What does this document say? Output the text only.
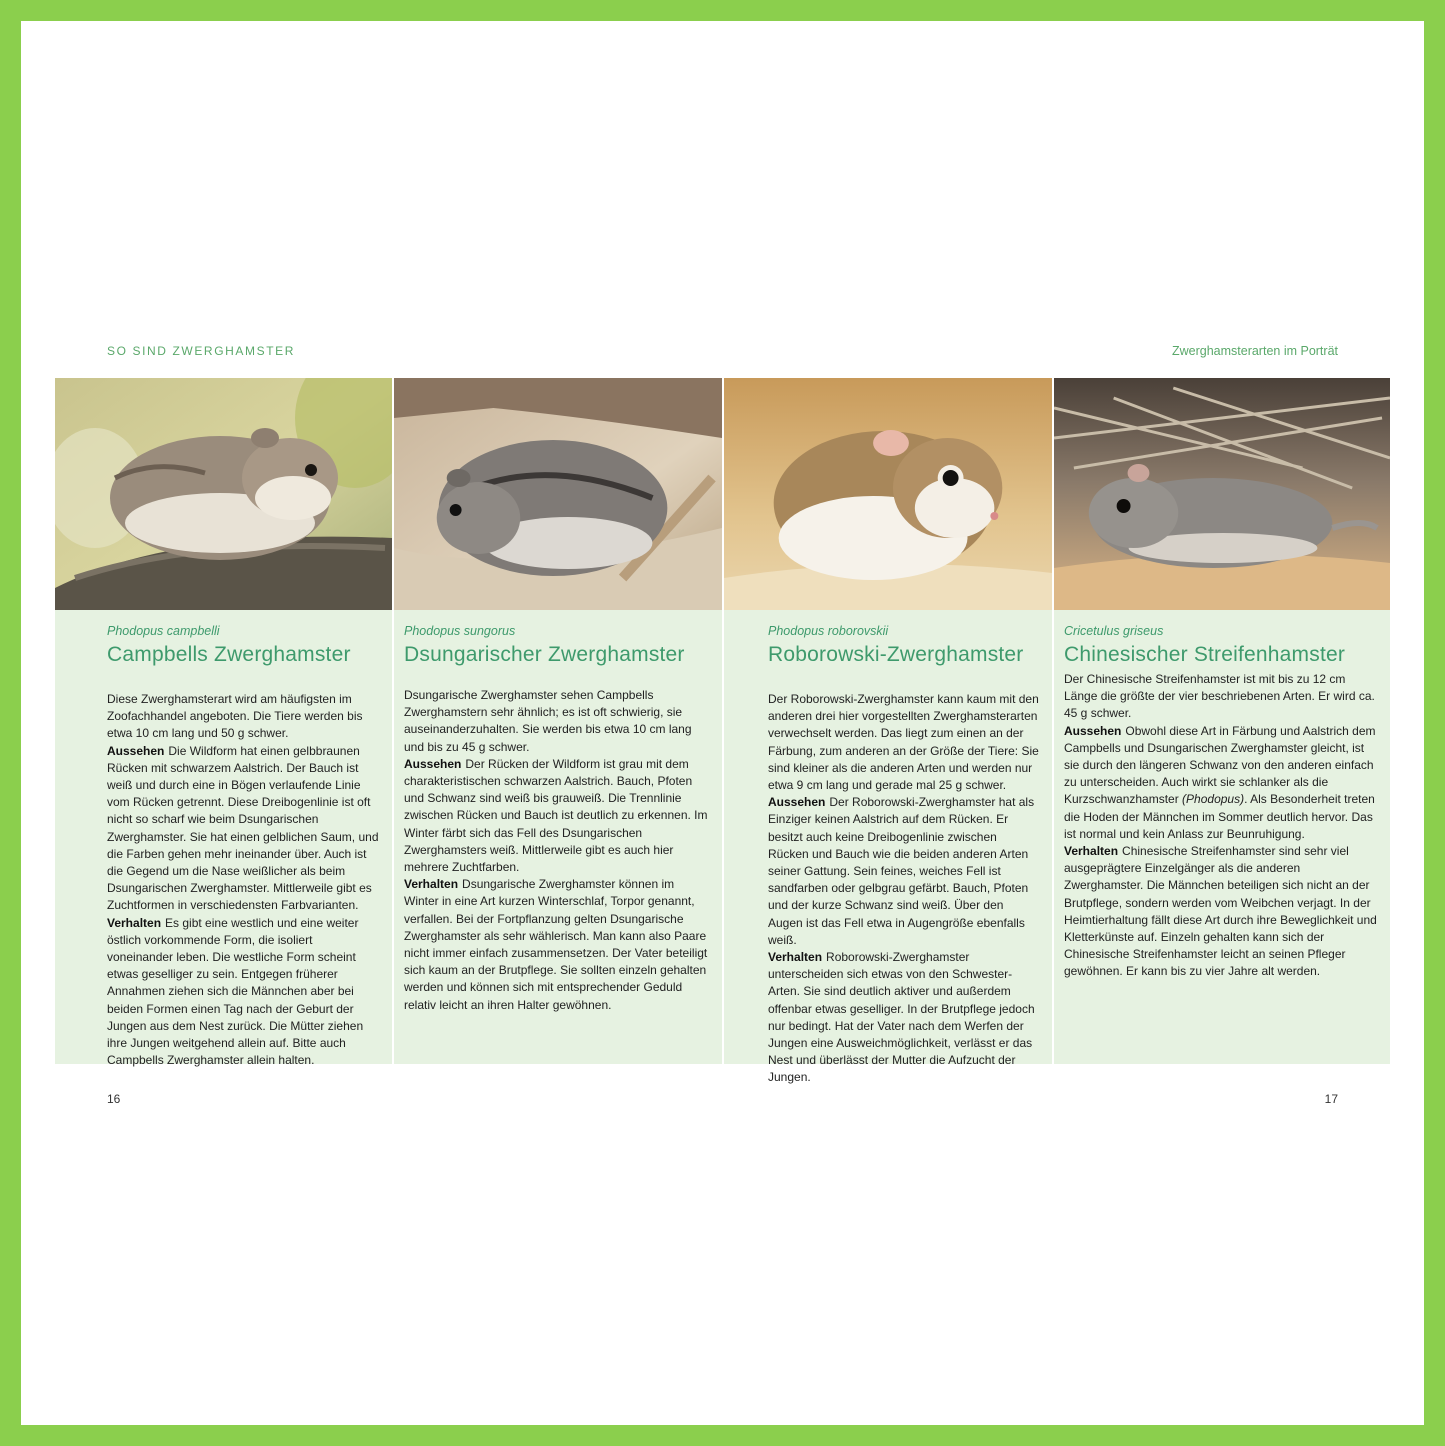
SO SIND ZWERGHAMSTER	Zwerghamsterarten im Porträt
Phodopus campbelli
Campbells Zwerghamster

Diese Zwerghamsterart wird am häufigsten im Zoofachhandel angeboten. Die Tiere werden bis etwa 10 cm lang und 50 g schwer.

Aussehen Die Wildform hat einen gelbbraunen Rücken mit schwarzem Aalstrich. Der Bauch ist weiß und durch eine in Bögen verlaufende Linie vom Rücken getrennt. Diese Dreibogenlinie ist oft nicht so scharf wie beim Dsungarischen Zwerghamster. Sie hat einen gelblichen Saum, und die Farben gehen mehr ineinander über. Auch ist die Gegend um die Nase weißlicher als beim Dsungarischen Zwerghamster. Mittlerweile gibt es Zuchtformen in verschiedensten Farbvarianten.

Verhalten Es gibt eine westlich und eine weiter östlich vorkommende Form, die isoliert voneinander leben. Die westliche Form scheint etwas geselliger zu sein. Entgegen früherer Annahmen ziehen sich die Männchen aber bei beiden Formen einen Tag nach der Geburt der Jungen aus dem Nest zurück. Die Mütter ziehen ihre Jungen weitgehend allein auf. Bitte auch Campbells Zwerghamster allein halten.

Phodopus sungorus
Dsungarischer Zwerghamster

Dsungarische Zwerghamster sehen Campbells Zwerghamstern sehr ähnlich; es ist oft schwierig, sie auseinanderzuhalten. Sie werden bis etwa 10 cm lang und bis zu 45 g schwer.

Aussehen Der Rücken der Wildform ist grau mit dem charakteristischen schwarzen Aalstrich. Bauch, Pfoten und Schwanz sind weiß bis grauweiß. Die Trennlinie zwischen Rücken und Bauch ist deutlich zu erkennen. Im Winter färbt sich das Fell des Dsungarischen Zwerghamsters weiß. Mittlerweile gibt es auch hier mehrere Zuchtfarben.

Verhalten Dsungarische Zwerghamster können im Winter in eine Art kurzen Winterschlaf, Torpor genannt, verfallen. Bei der Fortpflanzung gelten Dsungarische Zwerghamster als sehr wählerisch. Man kann also Paare nicht immer einfach zusammensetzen. Der Vater beteiligt sich kaum an der Brutpflege. Sie sollten einzeln gehalten werden und können sich mit entsprechender Geduld relativ leicht an ihren Halter gewöhnen.

Phodopus roborovskii
Roborowski-Zwerghamster

Der Roborowski-Zwerghamster kann kaum mit den anderen drei hier vorgestellten Zwerghamsterarten verwechselt werden. Das liegt zum einen an der Färbung, zum anderen an der Größe der Tiere: Sie sind kleiner als die anderen Arten und werden nur etwa 9 cm lang und gerade mal 25 g schwer.

Aussehen Der Roborowski-Zwerghamster hat als Einziger keinen Aalstrich auf dem Rücken. Er besitzt auch keine Dreibogenlinie zwischen Rücken und Bauch wie die beiden anderen Arten seiner Gattung. Sein feines, weiches Fell ist sandfarben oder gelbgrau gefärbt. Bauch, Pfoten und der kurze Schwanz sind weiß. Über den Augen ist das Fell etwa in Augengröße ebenfalls weiß.

Verhalten Roborowski-Zwerghamster unterscheiden sich etwas von den Schwester-Arten. Sie sind deutlich aktiver und außerdem offenbar etwas geselliger. In der Brutpflege jedoch nur bedingt. Hat der Vater nach dem Werfen der Jungen eine Ausweichmöglichkeit, verlässt er das Nest und überlässt der Mutter die Aufzucht der Jungen.

Cricetulus griseus
Chinesischer Streifenhamster

Der Chinesische Streifenhamster ist mit bis zu 12 cm Länge die größte der vier beschriebenen Arten. Er wird ca. 45 g schwer.

Aussehen Obwohl diese Art in Färbung und Aalstrich dem Campbells und Dsungarischen Zwerghamster gleicht, ist sie durch den längeren Schwanz von den anderen einfach zu unterscheiden. Auch wirkt sie schlanker als die Kurzschwanzhamster (Phodopus). Als Besonderheit treten die Hoden der Männchen im Sommer deutlich hervor. Das ist normal und kein Anlass zur Beunruhigung.

Verhalten Chinesische Streifenhamster sind sehr viel ausgeprägtere Einzelgänger als die anderen Zwerghamster. Die Männchen beteiligen sich nicht an der Brutpflege, sondern werden vom Weibchen verjagt. In der Heimtierhaltung fällt diese Art durch ihre Beweglichkeit und Kletterkünste auf. Einzeln gehalten kann sich der Chinesische Streifenhamster leicht an seinen Pfleger gewöhnen. Er kann bis zu vier Jahre alt werden.

16	17
